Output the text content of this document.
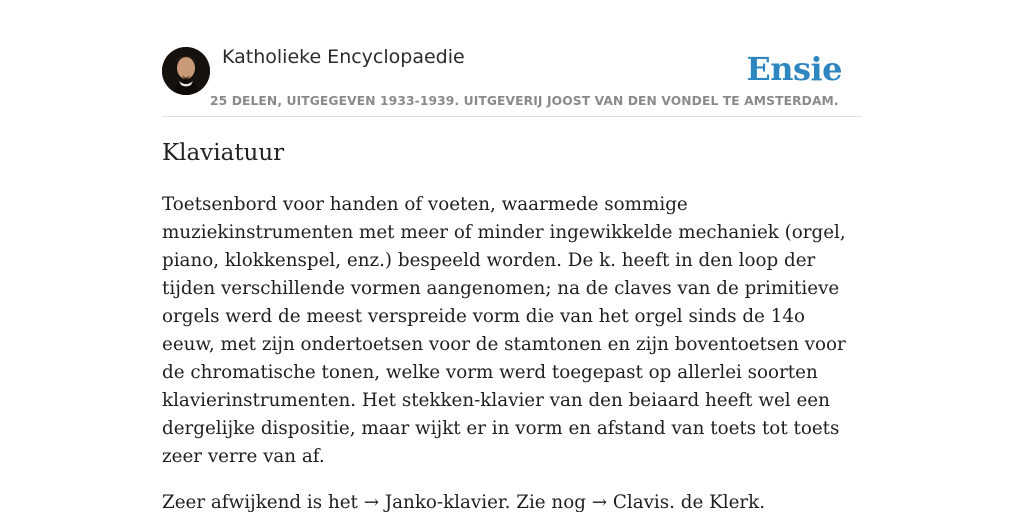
Katholieke Encyclopaedie	Ensie
25 DELEN, UITGEGEVEN 1933-1939. UITGEVERIJ JOOST VAN DEN VONDEL TE AMSTERDAM.
Klaviatuur

Toetsenbord voor handen of voeten, waarmede sommige muziekinstrumenten met meer of minder ingewikkelde mechaniek (orgel, piano, klokkenspel, enz.) bespeeld worden. De k. heeft in den loop der tijden verschillende vormen aangenomen; na de claves van de primitieve orgels werd de meest verspreide vorm die van het orgel sinds de 14o eeuw, met zijn ondertoetsen voor de stamtonen en zijn boventoetsen voor de chromatische tonen, welke vorm werd toegepast op allerlei soorten klavierinstrumenten. Het stekken-klavier van den beiaard heeft wel een dergelijke dispositie, maar wijkt er in vorm en afstand van toets tot toets zeer verre van af.

Zeer afwijkend is het → Janko-klavier. Zie nog → Clavis. de Klerk.
